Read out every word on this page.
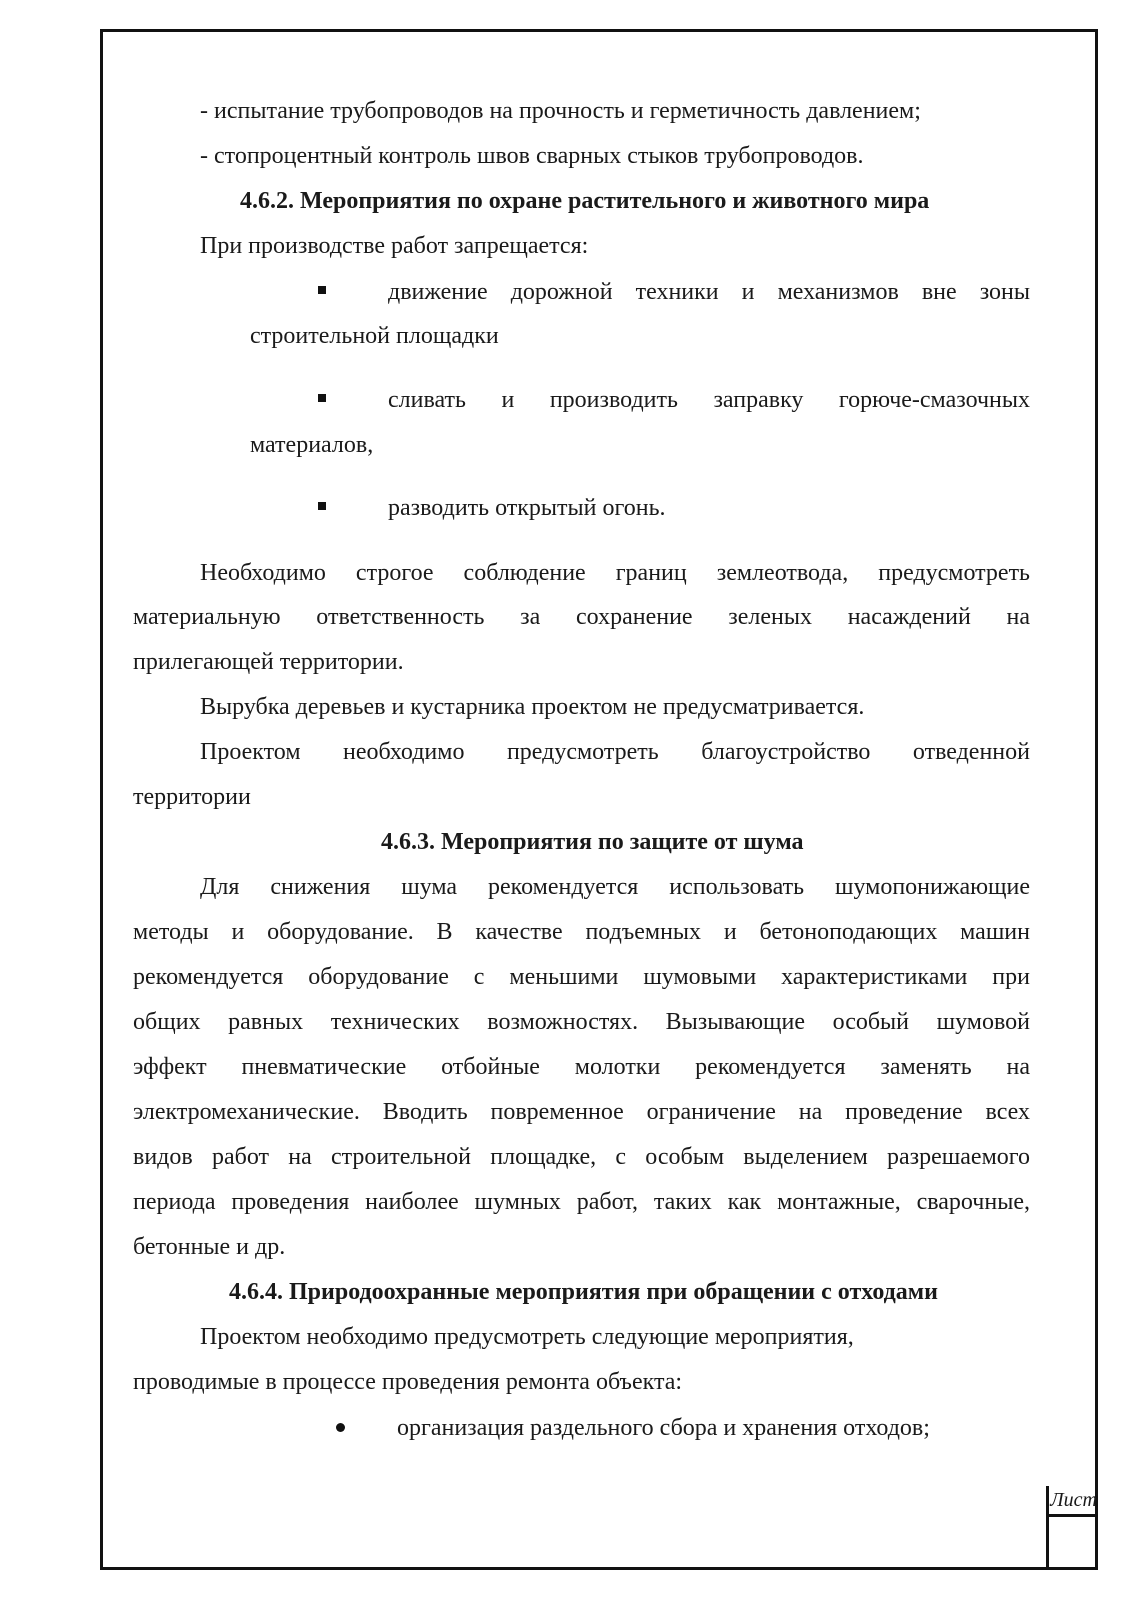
- испытание трубопроводов на прочность и герметичность давлением;
- стопроцентный контроль швов сварных стыков трубопроводов.
4.6.2. Мероприятия по охране растительного и животного мира
При производстве работ запрещается:
движение дорожной техники и механизмов вне зоны
строительной площадки
сливать и производить заправку горюче-смазочных
материалов,
разводить открытый огонь.
Необходимо строгое соблюдение границ землеотвода, предусмотреть
материальную ответственность за сохранение зеленых насаждений на
прилегающей территории.
Вырубка деревьев и кустарника проектом не предусматривается.
Проектом необходимо предусмотреть благоустройство отведенной
территории
4.6.3. Мероприятия по защите от шума
Для снижения шума рекомендуется использовать шумопонижающие
методы и оборудование. В качестве подъемных и бетоноподающих машин
рекомендуется оборудование с меньшими шумовыми характеристиками при
общих равных технических возможностях. Вызывающие особый шумовой
эффект пневматические отбойные молотки рекомендуется заменять на
электромеханические. Вводить повременное ограничение на проведение всех
видов работ на строительной площадке, с особым выделением разрешаемого
периода проведения наиболее шумных работ, таких как монтажные, сварочные,
бетонные и др.
4.6.4. Природоохранные мероприятия при обращении с отходами
Проектом необходимо предусмотреть следующие мероприятия,
проводимые в процессе проведения ремонта объекта:
организация раздельного сбора и хранения отходов;
Лист
